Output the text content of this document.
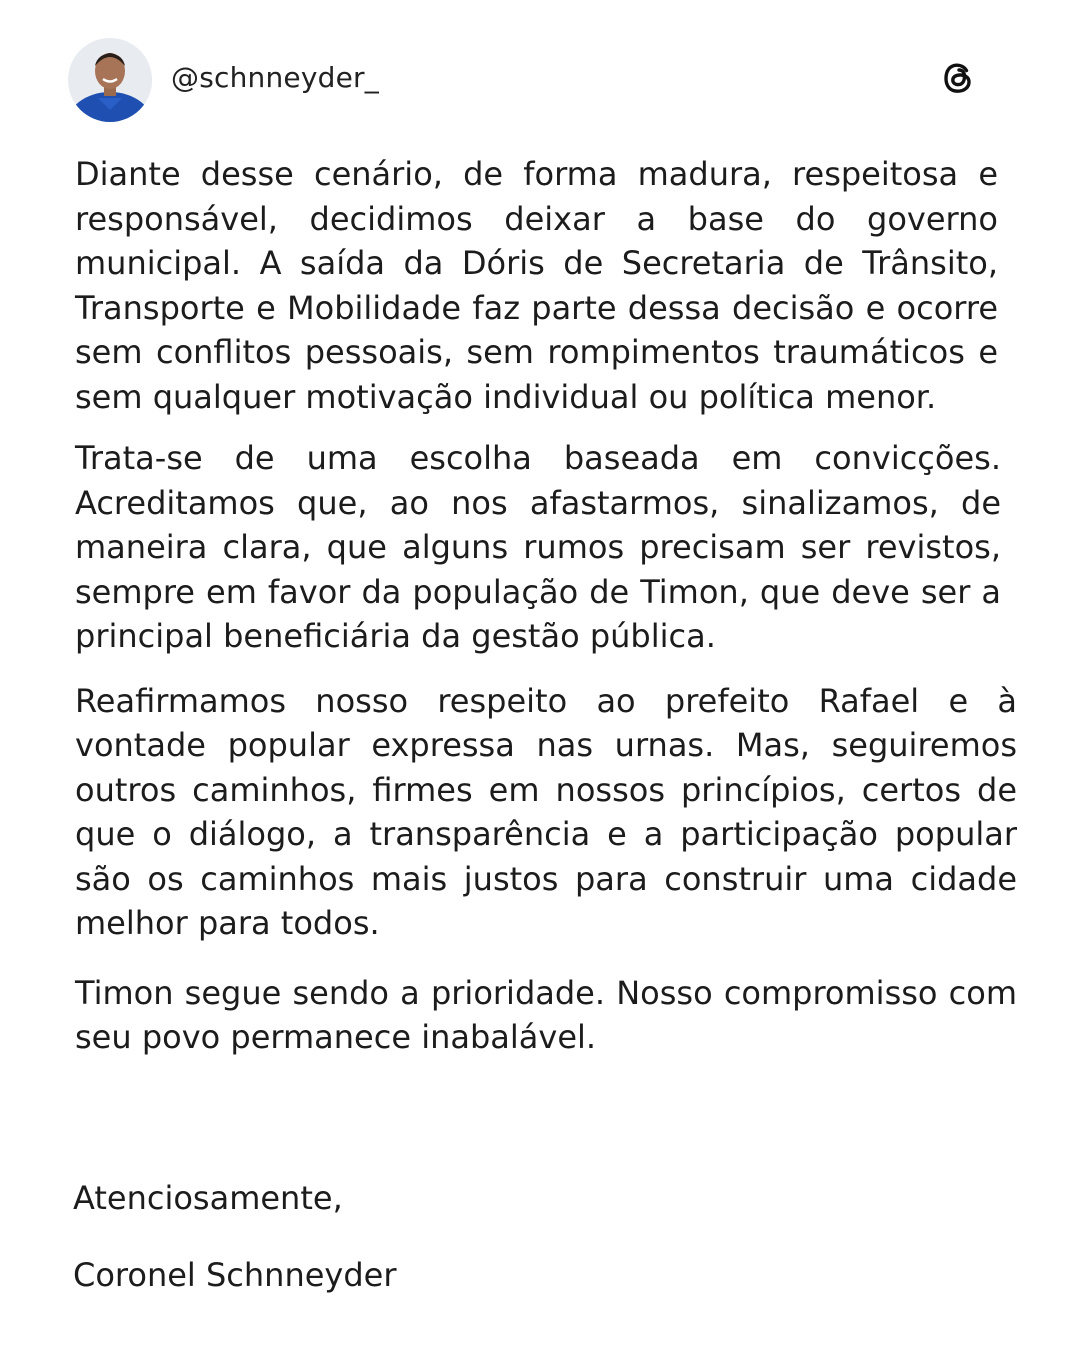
@schnneyder_

Diante desse cenário, de forma madura, respeitosa e responsável, decidimos deixar a base do governo municipal. A saída da Dóris de Secretaria de Trânsito, Transporte e Mobilidade faz parte dessa decisão e ocorre sem conflitos pessoais, sem rompimentos traumáticos e sem qualquer motivação individual ou política menor.

Trata-se de uma escolha baseada em convicções. Acreditamos que, ao nos afastarmos, sinalizamos, de maneira clara, que alguns rumos precisam ser revistos, sempre em favor da população de Timon, que deve ser a principal beneficiária da gestão pública.

Reafirmamos nosso respeito ao prefeito Rafael e à vontade popular expressa nas urnas. Mas, seguiremos outros caminhos, firmes em nossos princípios, certos de que o diálogo, a transparência e a participação popular são os caminhos mais justos para construir uma cidade melhor para todos.

Timon segue sendo a prioridade. Nosso compromisso com seu povo permanece inabalável.

Atenciosamente,

Coronel Schnneyder
